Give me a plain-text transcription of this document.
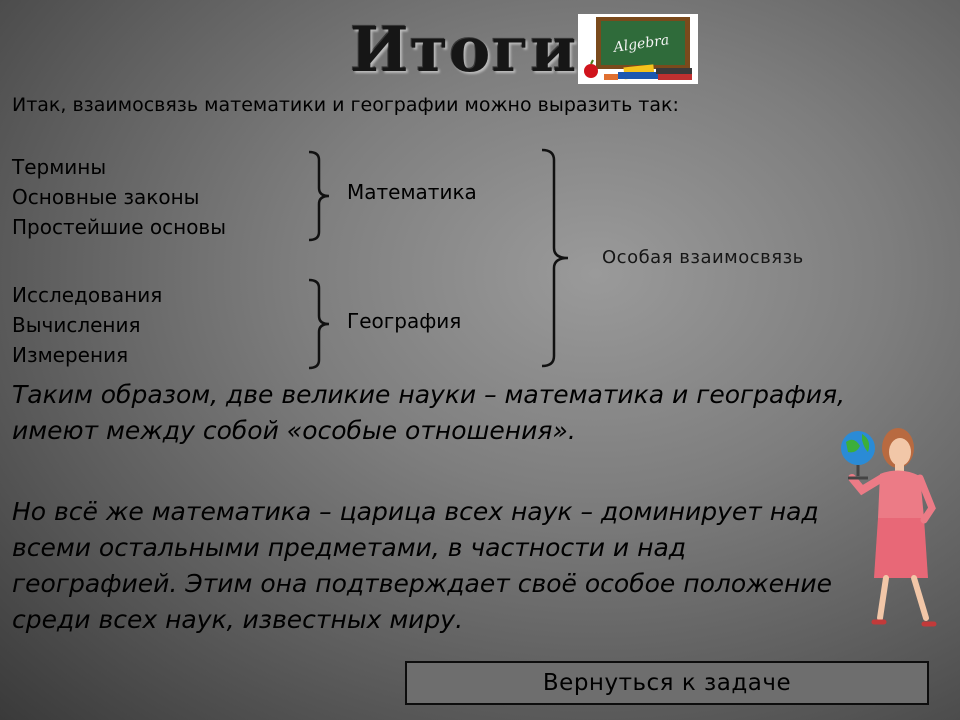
Итоги	Algebra
Итак, взаимосвязь математики и географии можно выразить так:
Термины
Основные законы
Простейшие основы
Математика
Исследования
Вычисления
Измерения
География
Особая взаимосвязь
Таким образом, две великие науки – математика и география, имеют между собой «особые отношения».
Но всё же математика – царица всех наук – доминирует над всеми остальными предметами, в частности и над географией. Этим она подтверждает своё особое положение среди всех наук, известных миру.
Вернуться к задаче
